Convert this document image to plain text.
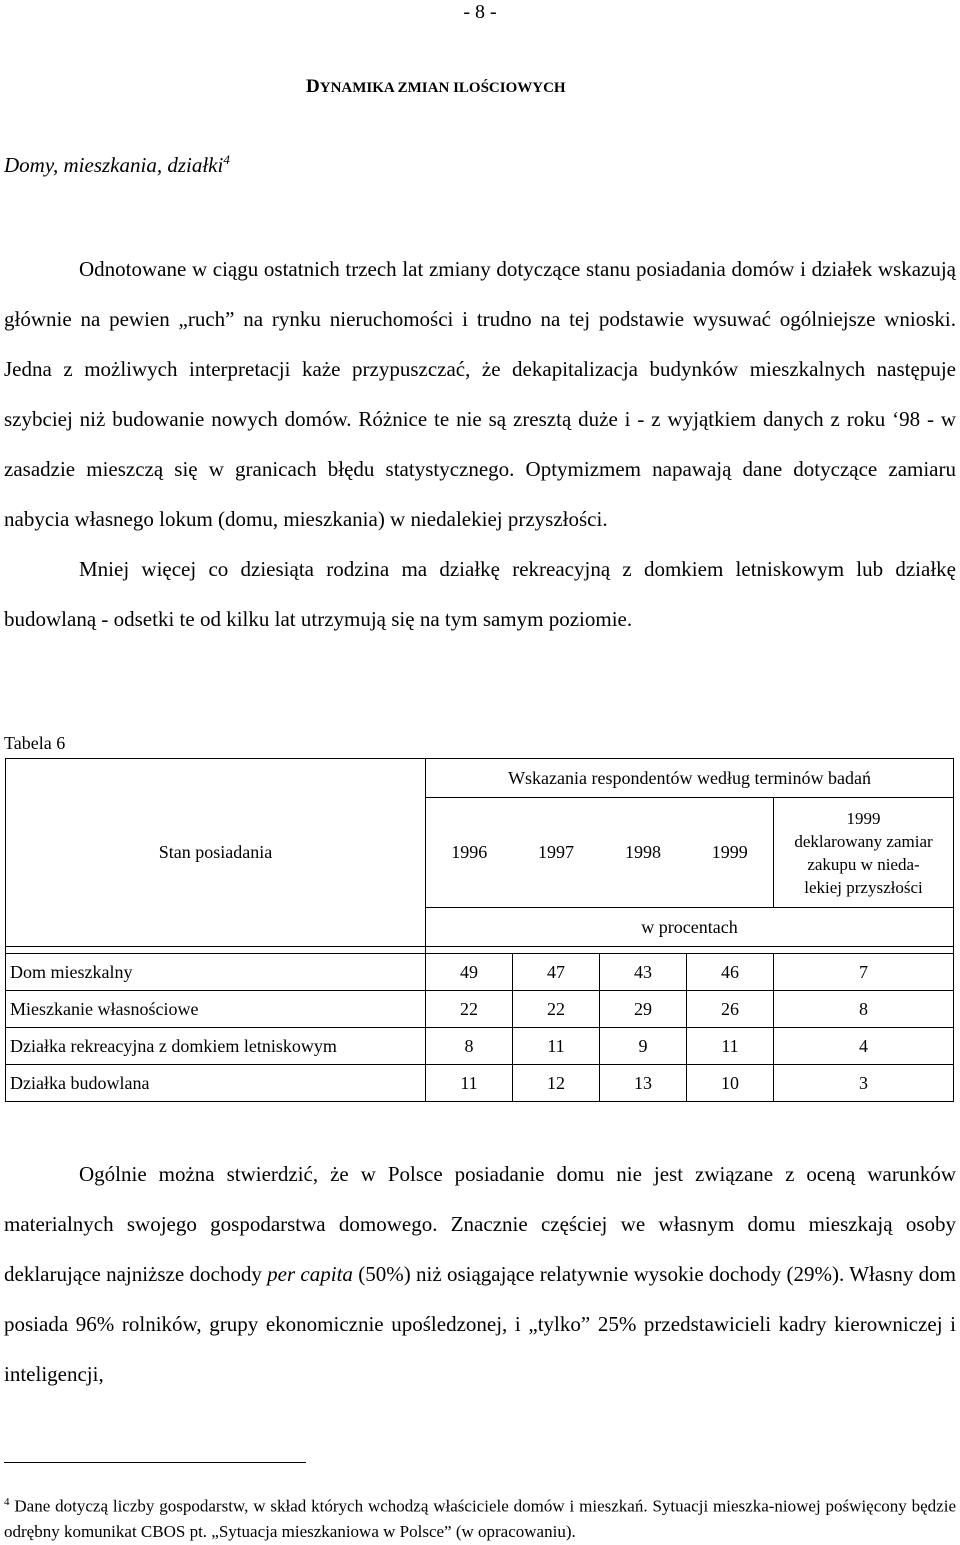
- 8 -
DYNAMIKA ZMIAN ILOŚCIOWYCH
Domy, mieszkania, działki$^4$

Odnotowane w ciągu ostatnich trzech lat zmiany dotyczące stanu posiadania domów i działek wskazują głównie na pewien „ruch” na rynku nieruchomości i trudno na tej podstawie wysuwać ogólniejsze wnioski. Jedna z możliwych interpretacji każe przypuszczać, że dekapitalizacja budynków mieszkalnych następuje szybciej niż budowanie nowych domów. Różnice te nie są zresztą duże i - z wyjątkiem danych z roku ‘98 - w zasadzie mieszczą się w granicach błędu statystycznego. Optymizmem napawają dane dotyczące zamiaru nabycia własnego lokum (domu, mieszkania) w niedalekiej przyszłości.

Mniej więcej co dziesiąta rodzina ma działkę rekreacyjną z domkiem letniskowym lub działkę budowlaną - odsetki te od kilku lat utrzymują się na tym samym poziomie.

Tabela 6
Stan posiadania	Wskazania respondentów według terminów badań				
	1996	1997	1998	1999	1999
deklarowany zamiar zakupu w nieda-
lekiej przyszłości
	w procentach				

Dom mieszkalny	49	47	43	46	7
Mieszkanie własnościowe	22	22	29	26	8
Działka rekreacyjna z domkiem letniskowym	8	11	9	11	4
Działka budowlana	11	12	13	10	3

Ogólnie można stwierdzić, że w Polsce posiadanie domu nie jest związane z oceną warunków materialnych swojego gospodarstwa domowego. Znacznie częściej we własnym domu mieszkają osoby deklarujące najniższe dochody per capita (50%) niż osiągające relatywnie wysokie dochody (29%). Własny dom posiada 96% rolników, grupy ekonomicznie upośledzonej, i „tylko” 25% przedstawicieli kadry kierowniczej i inteligencji,

$^4$ Dane dotyczą liczby gospodarstw, w skład których wchodzą właściciele domów i mieszkań. Sytuacji mieszka-niowej poświęcony będzie odrębny komunikat CBOS pt. „Sytuacja mieszkaniowa w Polsce” (w opracowaniu).
